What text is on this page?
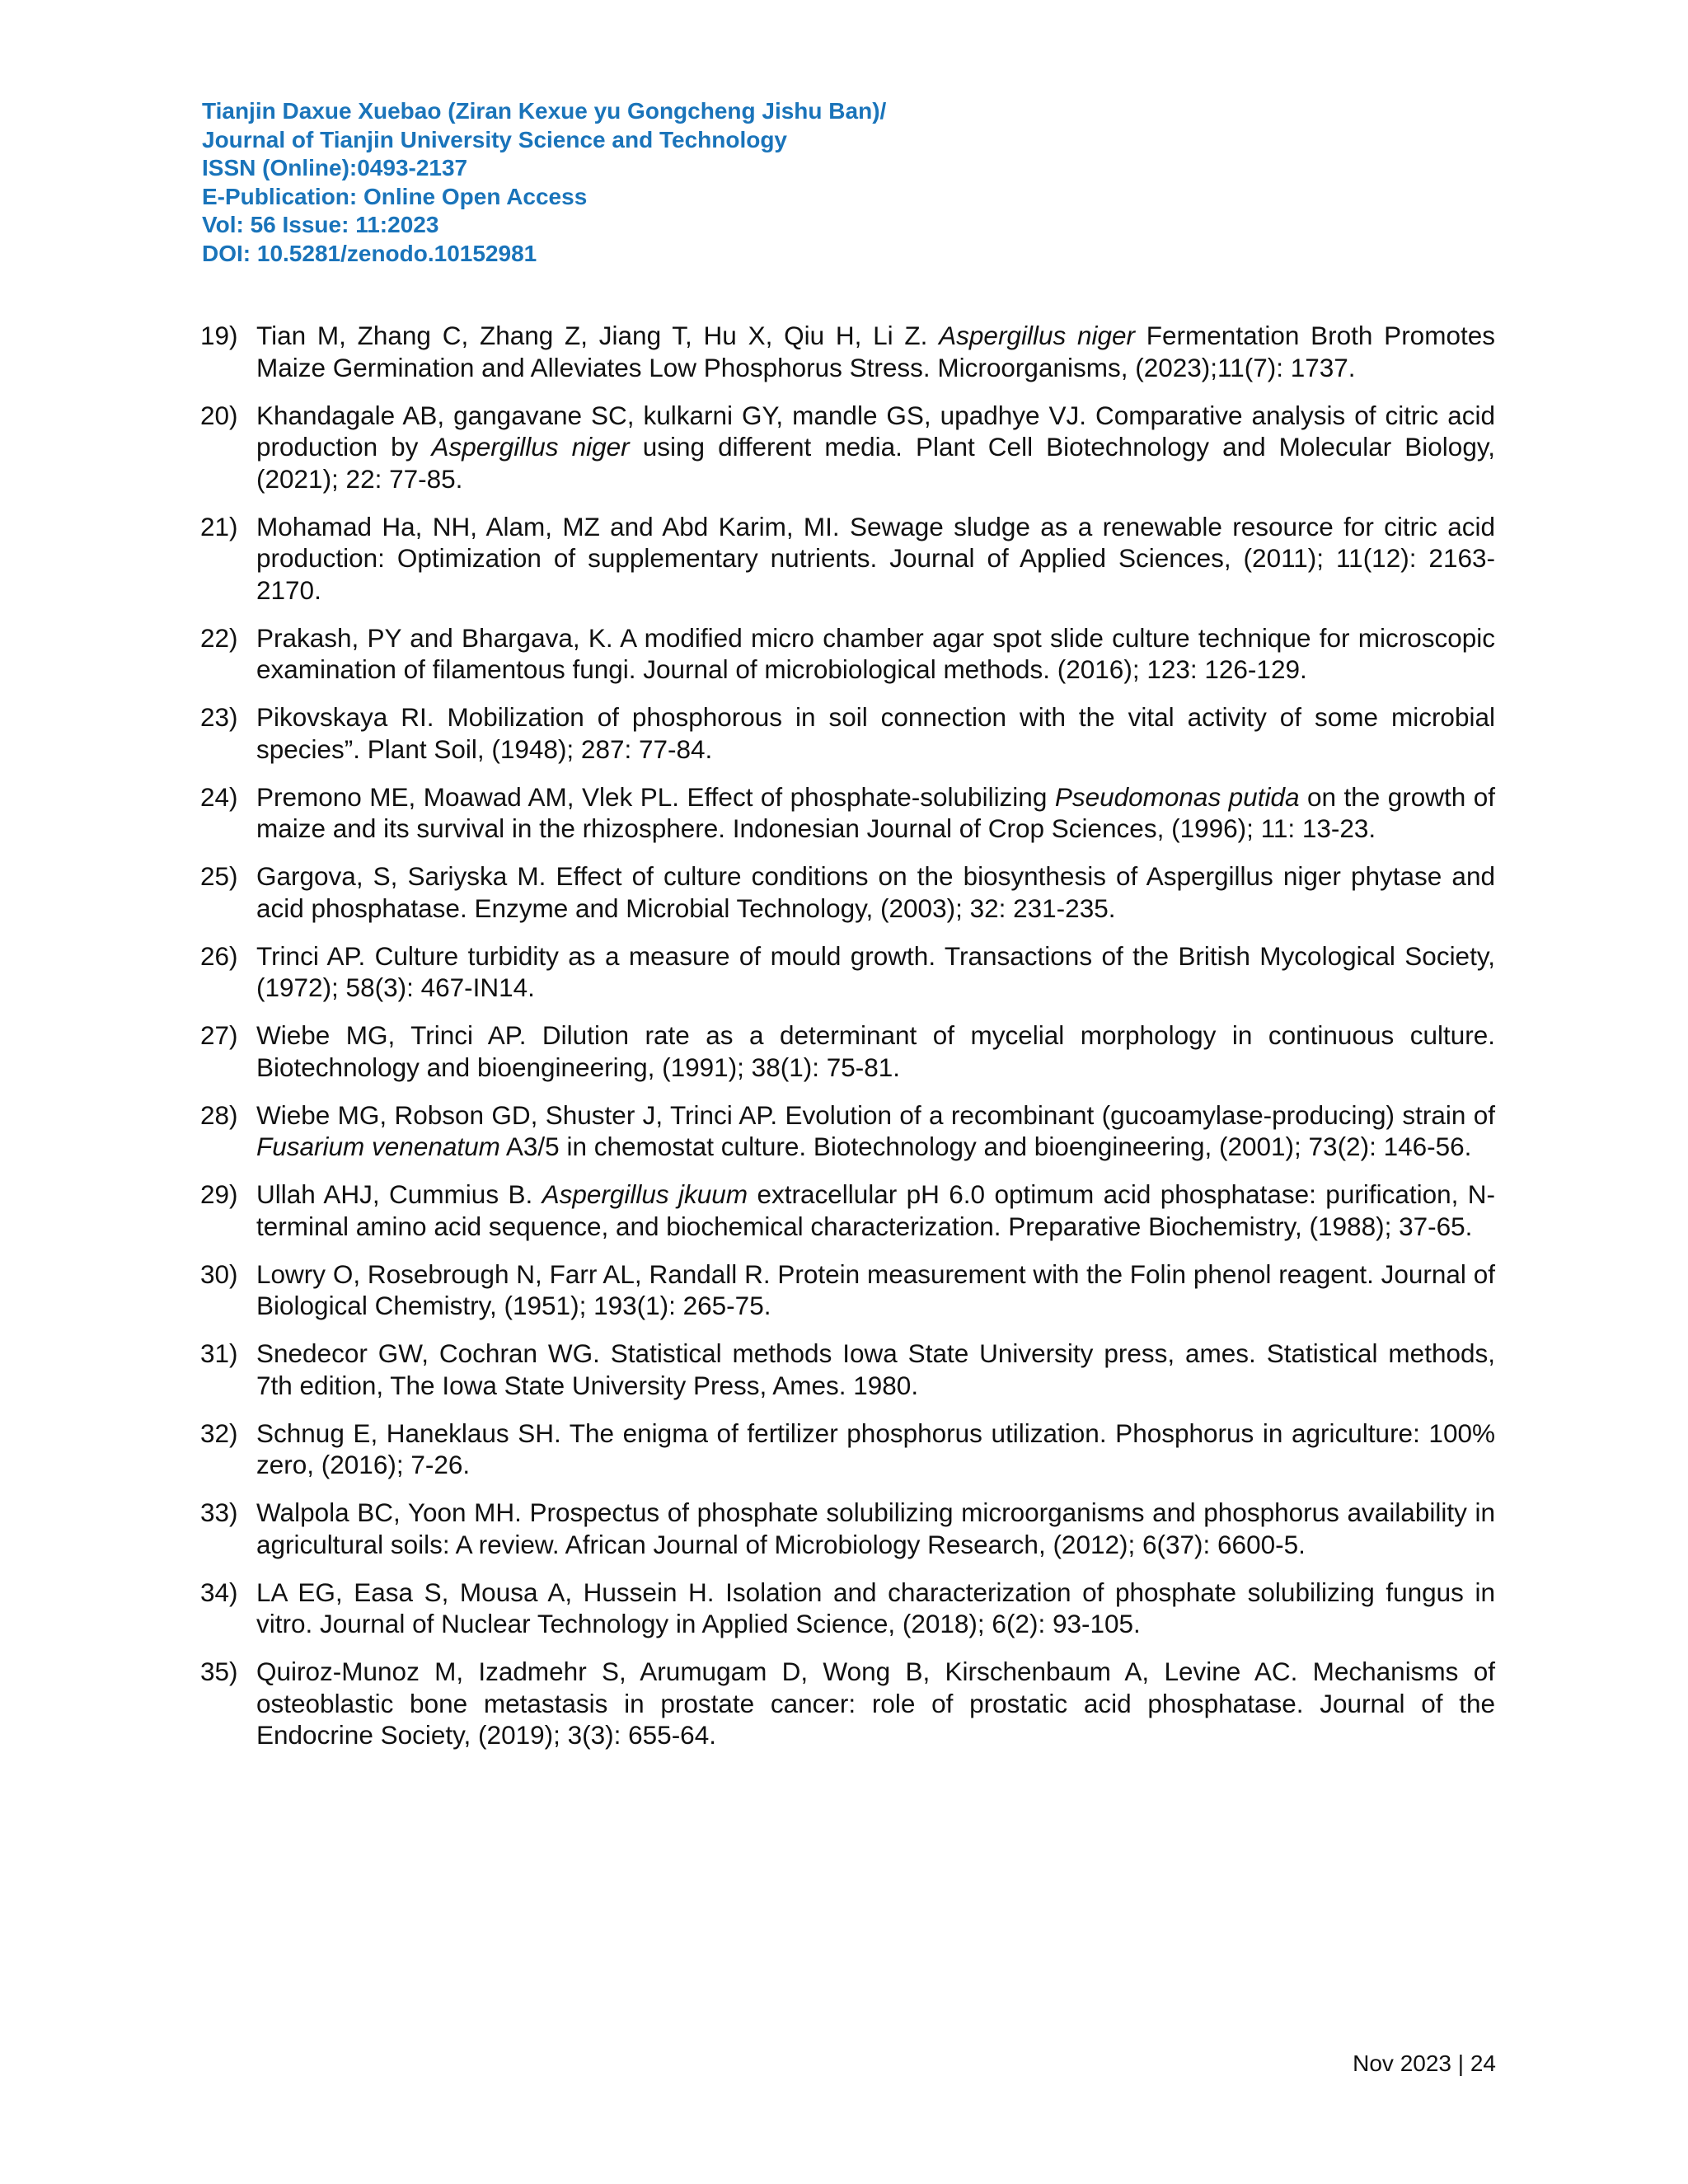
Tianjin Daxue Xuebao (Ziran Kexue yu Gongcheng Jishu Ban)/
Journal of Tianjin University Science and Technology
ISSN (Online):0493-2137
E-Publication: Online Open Access
Vol: 56 Issue: 11:2023
DOI: 10.5281/zenodo.10152981
19) Tian M, Zhang C, Zhang Z, Jiang T, Hu X, Qiu H, Li Z. Aspergillus niger Fermentation Broth Promotes Maize Germination and Alleviates Low Phosphorus Stress. Microorganisms, (2023);11(7): 1737.
20) Khandagale AB, gangavane SC, kulkarni GY, mandle GS, upadhye VJ. Comparative analysis of citric acid production by Aspergillus niger using different media. Plant Cell Biotechnology and Molecular Biology, (2021); 22: 77-85.
21) Mohamad Ha, NH, Alam, MZ and Abd Karim, MI. Sewage sludge as a renewable resource for citric acid production: Optimization of supplementary nutrients. Journal of Applied Sciences, (2011); 11(12): 2163-2170.
22) Prakash, PY and Bhargava, K. A modified micro chamber agar spot slide culture technique for microscopic examination of filamentous fungi. Journal of microbiological methods. (2016); 123: 126-129.
23) Pikovskaya RI. Mobilization of phosphorous in soil connection with the vital activity of some microbial species”. Plant Soil, (1948); 287: 77-84.
24) Premono ME, Moawad AM, Vlek PL. Effect of phosphate-solubilizing Pseudomonas putida on the growth of maize and its survival in the rhizosphere. Indonesian Journal of Crop Sciences, (1996); 11: 13-23.
25) Gargova, S, Sariyska M. Effect of culture conditions on the biosynthesis of Aspergillus niger phytase and acid phosphatase. Enzyme and Microbial Technology, (2003); 32: 231-235.
26) Trinci AP. Culture turbidity as a measure of mould growth. Transactions of the British Mycological Society, (1972); 58(3): 467-IN14.
27) Wiebe MG, Trinci AP. Dilution rate as a determinant of mycelial morphology in continuous culture. Biotechnology and bioengineering, (1991); 38(1): 75-81.
28) Wiebe MG, Robson GD, Shuster J, Trinci AP. Evolution of a recombinant (gucoamylase-producing) strain of Fusarium venenatum A3/5 in chemostat culture. Biotechnology and bioengineering, (2001); 73(2): 146-56.
29) Ullah AHJ, Cummius B. Aspergillus jkuum extracellular pH 6.0 optimum acid phosphatase: purification, N-terminal amino acid sequence, and biochemical characterization. Preparative Biochemistry, (1988); 37-65.
30) Lowry O, Rosebrough N, Farr AL, Randall R. Protein measurement with the Folin phenol reagent. Journal of Biological Chemistry, (1951); 193(1): 265-75.
31) Snedecor GW, Cochran WG. Statistical methods Iowa State University press, ames. Statistical methods, 7th edition, The Iowa State University Press, Ames. 1980.
32) Schnug E, Haneklaus SH. The enigma of fertilizer phosphorus utilization. Phosphorus in agriculture: 100% zero, (2016); 7-26.
33) Walpola BC, Yoon MH. Prospectus of phosphate solubilizing microorganisms and phosphorus availability in agricultural soils: A review. African Journal of Microbiology Research, (2012); 6(37): 6600-5.
34) LA EG, Easa S, Mousa A, Hussein H. Isolation and characterization of phosphate solubilizing fungus in vitro. Journal of Nuclear Technology in Applied Science, (2018); 6(2): 93-105.
35) Quiroz-Munoz M, Izadmehr S, Arumugam D, Wong B, Kirschenbaum A, Levine AC. Mechanisms of osteoblastic bone metastasis in prostate cancer: role of prostatic acid phosphatase. Journal of the Endocrine Society, (2019); 3(3): 655-64.
Nov 2023 | 24
